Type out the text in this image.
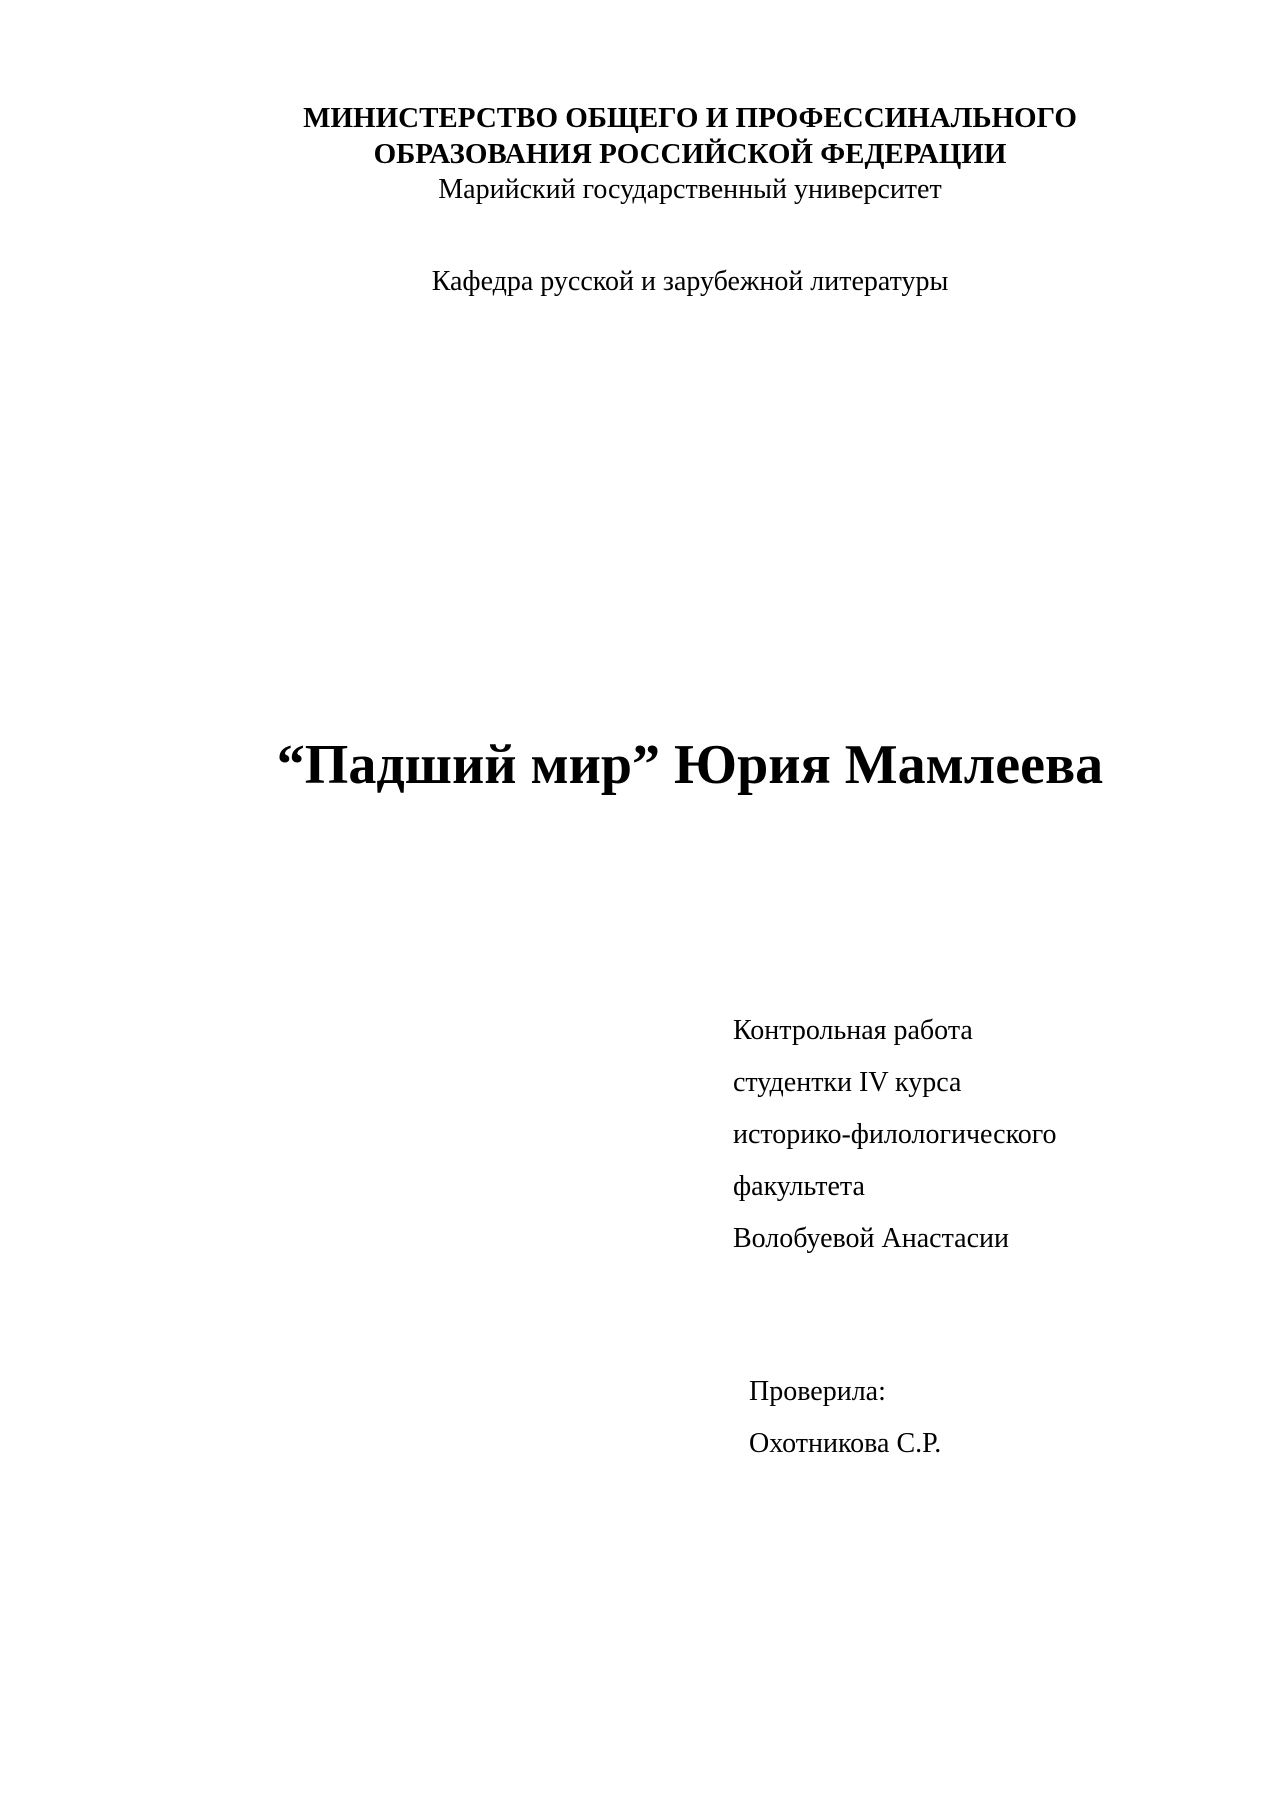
МИНИСТЕРСТВО ОБЩЕГО И ПРОФЕССИНАЛЬНОГО

ОБРАЗОВАНИЯ РОССИЙСКОЙ ФЕДЕРАЦИИ

Марийский государственный университет

Кафедра русской и зарубежной литературы
“Падший мир” Юрия Мамлеева

Контрольная работа

студентки IV курса

историко-филологического

факультета

Волобуевой Анастасии

Проверила:

Охотникова С.Р.
